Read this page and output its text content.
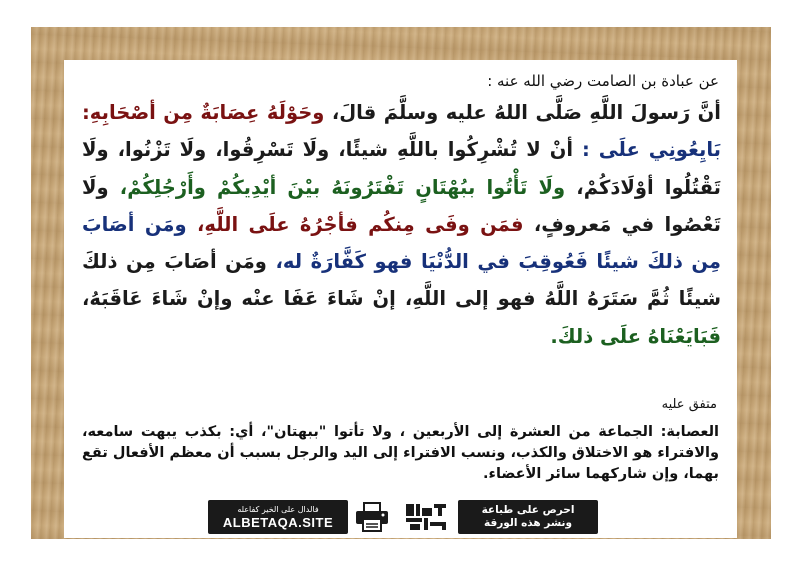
عن عبادة بن الصامت رضي الله عنه :
أنَّ رَسولَ اللَّهِ صَلَّى اللهُ عليه وسلَّمَ قالَ، وحَوْلَهُ عِصَابَةٌ مِن أصْحَابِهِ: بَايِعُونِي علَى : أنْ لا تُشْرِكُوا باللَّهِ شيئًا، ولَا تَسْرِقُوا، ولَا تَزْنُوا، ولَا تَقْتُلُوا أوْلَادَكُمْ، ولَا تَأْتُوا ببُهْتَانٍ تَفْتَرُونَهُ بيْنَ أيْدِيكُمْ وأَرْجُلِكُمْ، ولَا تَعْصُوا في مَعروفٍ، فمَن وفَى مِنكُم فأجْرُهُ علَى اللَّهِ، ومَن أصَابَ مِن ذلكَ شيئًا فَعُوقِبَ في الدُّنْيَا فهو كَفَّارَةٌ له، ومَن أصَابَ مِن ذلكَ شيئًا ثُمَّ سَتَرَهُ اللَّهُ فهو إلى اللَّهِ، إنْ شَاءَ عَفَا عنْه وإنْ شَاءَ عَاقَبَهُ، فَبَايَعْنَاهُ علَى ذلكَ.
متفق عليه
العصابة: الجماعة من العشرة إلى الأربعين ، ولا تأتوا "ببهتان"، أي: بكذب يبهت سامعه، والافتراء هو الاختلاق والكذب، ونسب الافتراء إلى اليد والرجل بسبب أن معظم الأفعال تقع بهما، وإن شاركهما سائر الأعضاء.
فالدال على الخير كفاعله
ALBETAQA.SITE
احرص على طباعة
ونشر هذه الورقة
